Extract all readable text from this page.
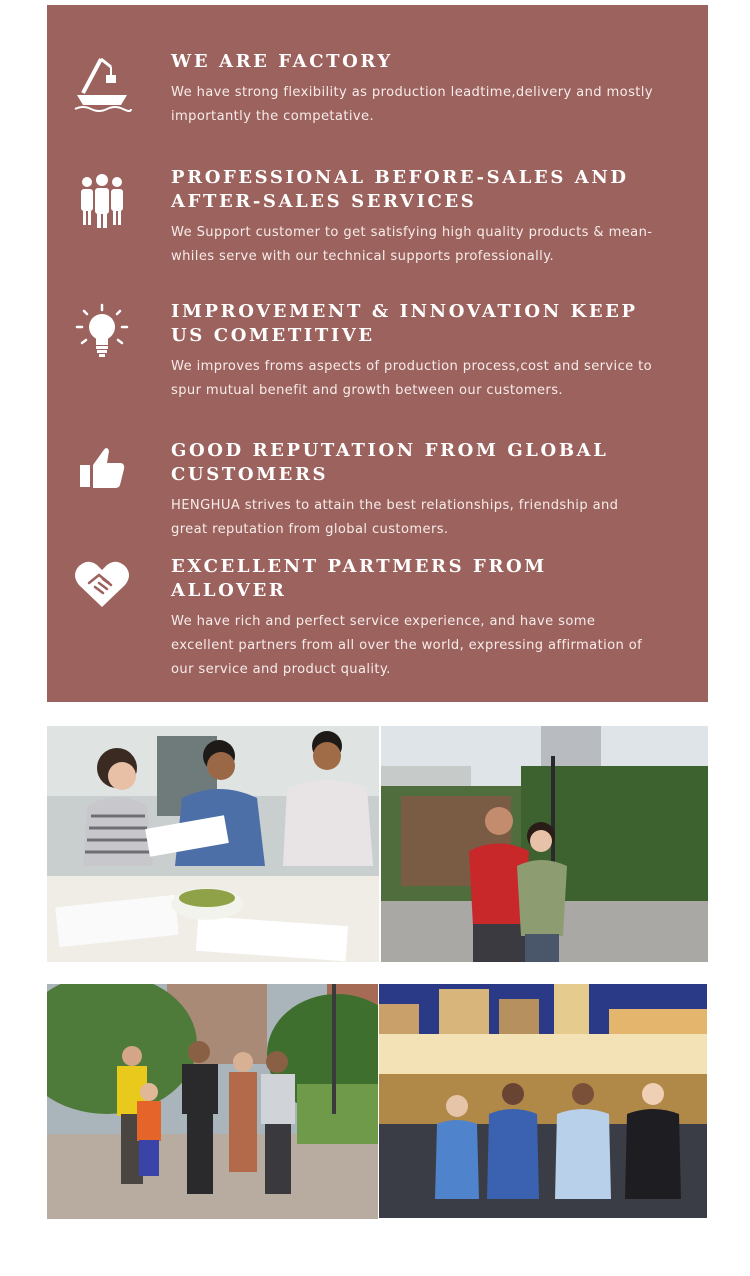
WE ARE FACTORY

We have strong flexibility as production leadtime,delivery and mostly importantly the competative.

PROFESSIONAL BEFORE-SALES AND AFTER-SALES SERVICES

We Support customer to get satisfying high quality products & mean-whiles serve with our technical supports professionally.

IMPROVEMENT & INNOVATION KEEP US COMETITIVE

We improves froms aspects of production process,cost and service to spur mutual benefit and growth between our customers.

GOOD REPUTATION FROM GLOBAL CUSTOMERS

HENGHUA strives to attain the best relationships, friendship and great reputation from global customers.

EXCELLENT PARTMERS FROM ALLOVER

We have rich and perfect service experience, and have some excellent partners from all over the world, expressing affirmation of our service and product quality.
